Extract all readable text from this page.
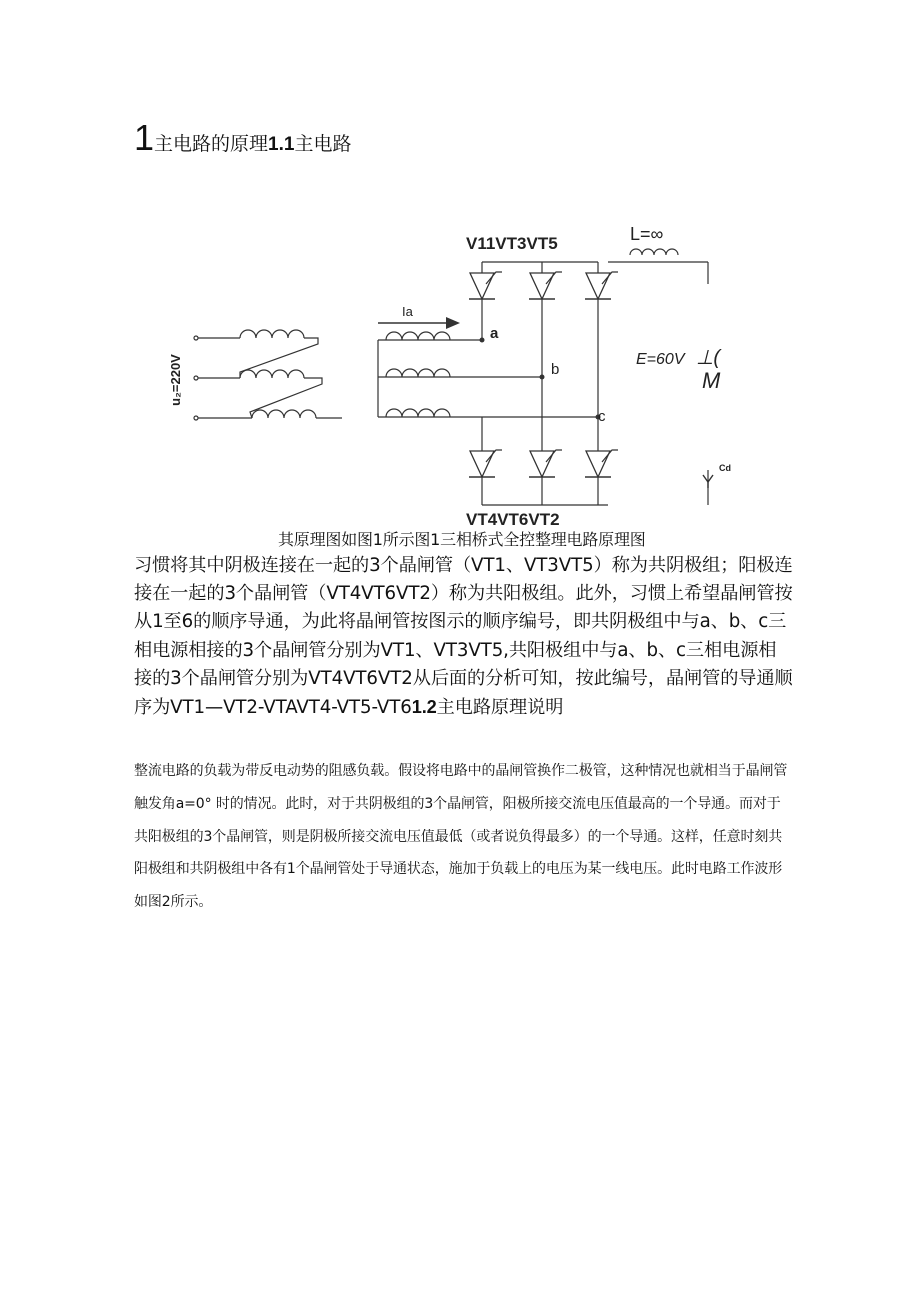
1主电路的原理1.1主电路
V11VT3VT5	L=∞
Ia
a
b
c
E=60V ⊥(
M
Cd
VT4VT6VT2
u₂=220V
其原理图如图1所示图1三相桥式全控整理电路原理图

习惯将其中阴极连接在一起的3个晶闸管（VT1、VT3VT5）称为共阴极组；阳极连接在一起的3个晶闸管（VT4VT6VT2）称为共阳极组。此外，习惯上希望晶闸管按从1至6的顺序导通，为此将晶闸管按图示的顺序编号，即共阴极组中与a、b、c三相电源相接的3个晶闸管分别为VT1、VT3VT5,共阳极组中与a、b、c三相电源相接的3个晶闸管分别为VT4VT6VT2从后面的分析可知，按此编号，晶闸管的导通顺序为VT1—VT2-VTAVT4-VT5-VT61.2主电路原理说明

整流电路的负载为带反电动势的阻感负载。假设将电路中的晶闸管换作二极管，这种情况也就相当于晶闸管触发角a=0° 时的情况。此时，对于共阴极组的3个晶闸管，阳极所接交流电压值最高的一个导通。而对于共阳极组的3个晶闸管，则是阴极所接交流电压值最低（或者说负得最多）的一个导通。这样，任意时刻共阳极组和共阴极组中各有1个晶闸管处于导通状态，施加于负载上的电压为某一线电压。此时电路工作波形如图2所示。
